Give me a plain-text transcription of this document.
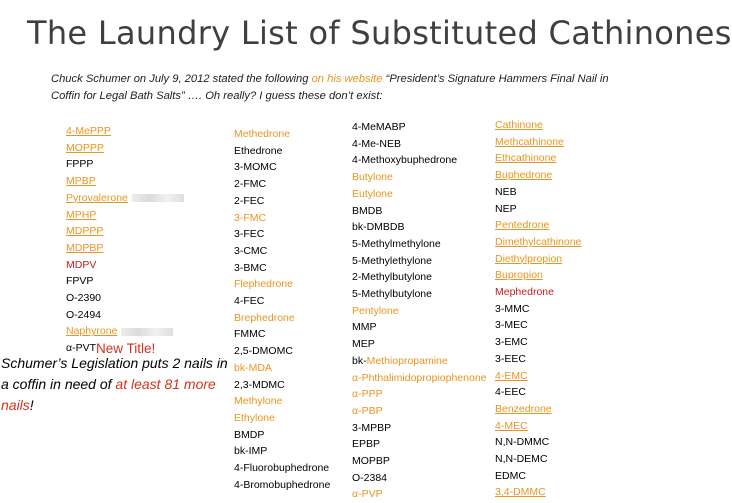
The Laundry List of Substituted Cathinones
Chuck Schumer on July 9, 2012 stated the following on his website “President’s Signature Hammers Final Nail in Coffin for Legal Bath Salts” …. Oh really? I guess these don’t exist:
4-MePPP
MOPPP
FPPP
MPBP
Pyrovalerone
MPHP
MDPPP
MDPBP
MDPV
FPVP
O-2390
O-2494
Naphyrone
α-PVT
Methedrone
Ethedrone
3-MOMC
2-FMC
2-FEC
3-FMC
3-FEC
3-CMC
3-BMC
Flephedrone
4-FEC
Brephedrone
FMMC
2,5-DMOMC
bk-MDA
2,3-MDMC
Methylone
Ethylone
BMDP
bk-IMP
4-Fluorobuphedrone
4-Bromobuphedrone
4-MeMABP
4-Me-NEB
4-Methoxybuphedrone
Butylone
Eutylone
BMDB
bk-DMBDB
5-Methylmethylone
5-Methylethylone
2-Methylbutylone
5-Methylbutylone
Pentylone
MMP
MEP
bk-Methiopropamine
α-Phthalimidopropiophenone
α-PPP
α-PBP
3-MPBP
EPBP
MOPBP
O-2384
α-PVP
Cathinone
Methcathinone
Ethcathinone
Buphedrone
NEB
NEP
Pentedrone
Dimethylcathinone
Diethylpropion
Bupropion
Mephedrone
3-MMC
3-MEC
3-EMC
3-EEC
4-EMC
4-EEC
Benzedrone
4-MEC
N,N-DMMC
N,N-DEMC
EDMC
3,4-DMMC
New Title!
Schumer’s Legislation puts 2 nails in a coffin in need of at least 81 more nails!
